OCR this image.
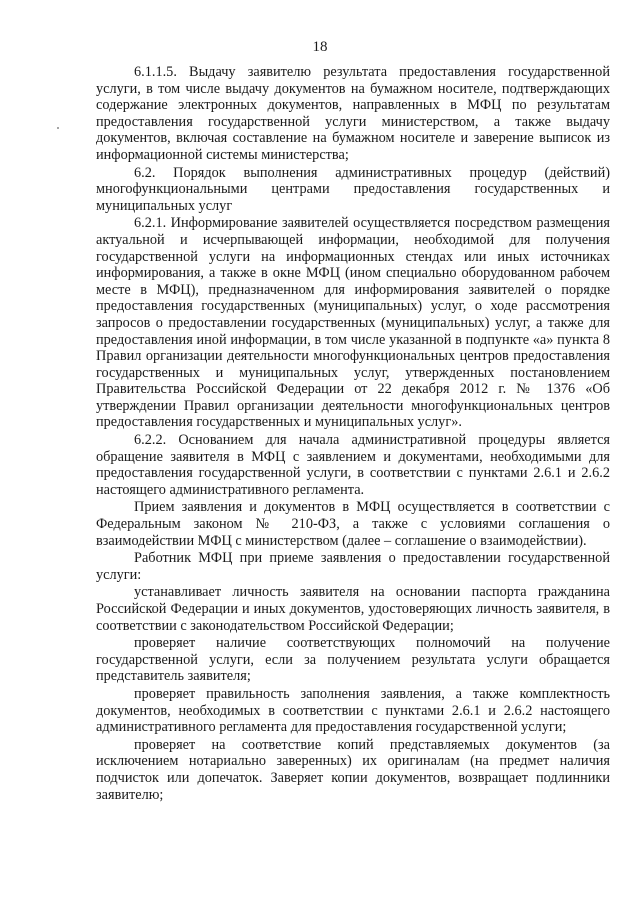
18

6.1.1.5. Выдачу заявителю результата предоставления государственной услуги, в том числе выдачу документов на бумажном носителе, подтверждающих содержание электронных документов, направленных в МФЦ по результатам предоставления государственной услуги министерством, а также выдачу документов, включая составление на бумажном носителе и заверение выписок из информационной системы министерства;

6.2. Порядок выполнения административных процедур (действий) многофункциональными центрами предоставления государственных и муниципальных услуг

6.2.1. Информирование заявителей осуществляется посредством размещения актуальной и исчерпывающей информации, необходимой для получения государственной услуги на информационных стендах или иных источниках информирования, а также в окне МФЦ (ином специально оборудованном рабочем месте в МФЦ), предназначенном для информирования заявителей о порядке предоставления государственных (муниципальных) услуг, о ходе рассмотрения запросов о предоставлении государственных (муниципальных) услуг, а также для предоставления иной информации, в том числе указанной в подпункте «а» пункта 8 Правил организации деятельности многофункциональных центров предоставления государственных и муниципальных услуг, утвержденных постановлением Правительства Российской Федерации от 22 декабря 2012 г. № 1376 «Об утверждении Правил организации деятельности многофункциональных центров предоставления государственных и муниципальных услуг».

6.2.2. Основанием для начала административной процедуры является обращение заявителя в МФЦ с заявлением и документами, необходимыми для предоставления государственной услуги, в соответствии с пунктами 2.6.1 и 2.6.2 настоящего административного регламента.

Прием заявления и документов в МФЦ осуществляется в соответствии с Федеральным законом № 210-ФЗ, а также с условиями соглашения о взаимодействии МФЦ с министерством (далее – соглашение о взаимодействии).

Работник МФЦ при приеме заявления о предоставлении государственной услуги:

устанавливает личность заявителя на основании паспорта гражданина Российской Федерации и иных документов, удостоверяющих личность заявителя, в соответствии с законодательством Российской Федерации;

проверяет наличие соответствующих полномочий на получение государственной услуги, если за получением результата услуги обращается представитель заявителя;

проверяет правильность заполнения заявления, а также комплектность документов, необходимых в соответствии с пунктами 2.6.1 и 2.6.2 настоящего административного регламента для предоставления государственной услуги;

проверяет на соответствие копий представляемых документов (за исключением нотариально заверенных) их оригиналам (на предмет наличия подчисток или допечаток. Заверяет копии документов, возвращает подлинники заявителю;
